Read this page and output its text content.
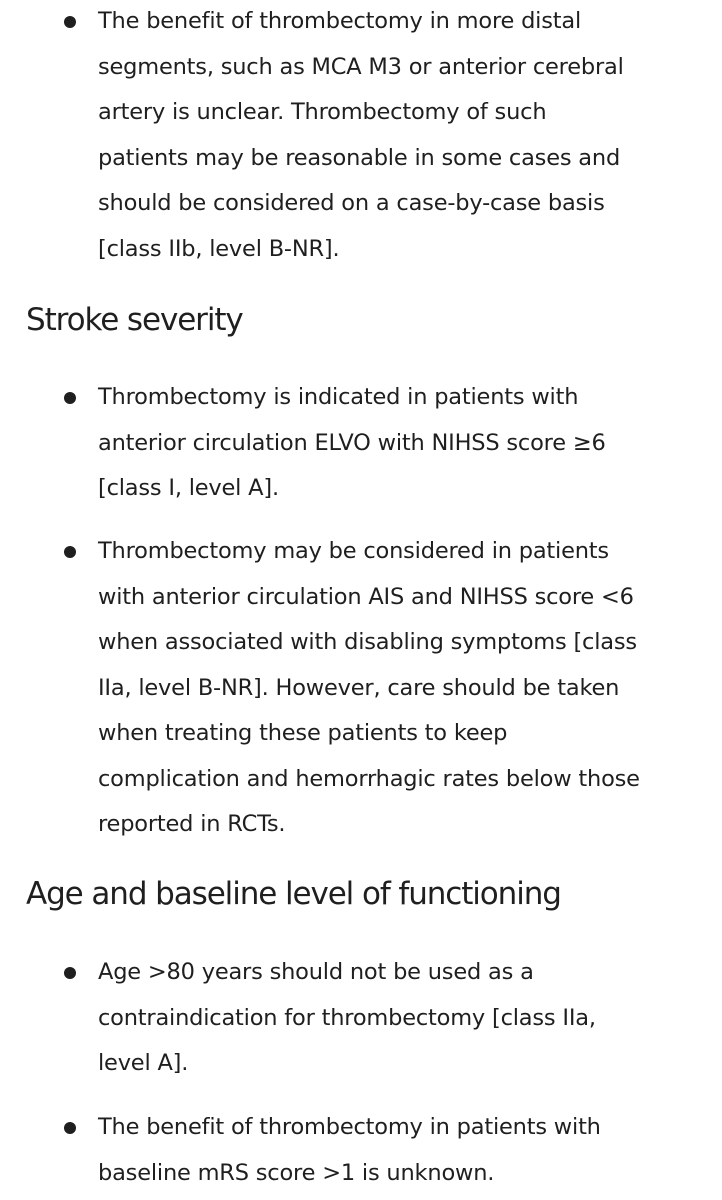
The benefit of thrombectomy in more distal
segments, such as MCA M3 or anterior cerebral
artery is unclear. Thrombectomy of such
patients may be reasonable in some cases and
should be considered on a case-by-case basis
[class IIb, level B-NR].
Stroke severity
Thrombectomy is indicated in patients with
anterior circulation ELVO with NIHSS score ≥6
[class I, level A].
Thrombectomy may be considered in patients
with anterior circulation AIS and NIHSS score <6
when associated with disabling symptoms [class
IIa, level B-NR]. However, care should be taken
when treating these patients to keep
complication and hemorrhagic rates below those
reported in RCTs.
Age and baseline level of functioning
Age >80 years should not be used as a
contraindication for thrombectomy [class IIa,
level A].
The benefit of thrombectomy in patients with
baseline mRS score >1 is unknown.
